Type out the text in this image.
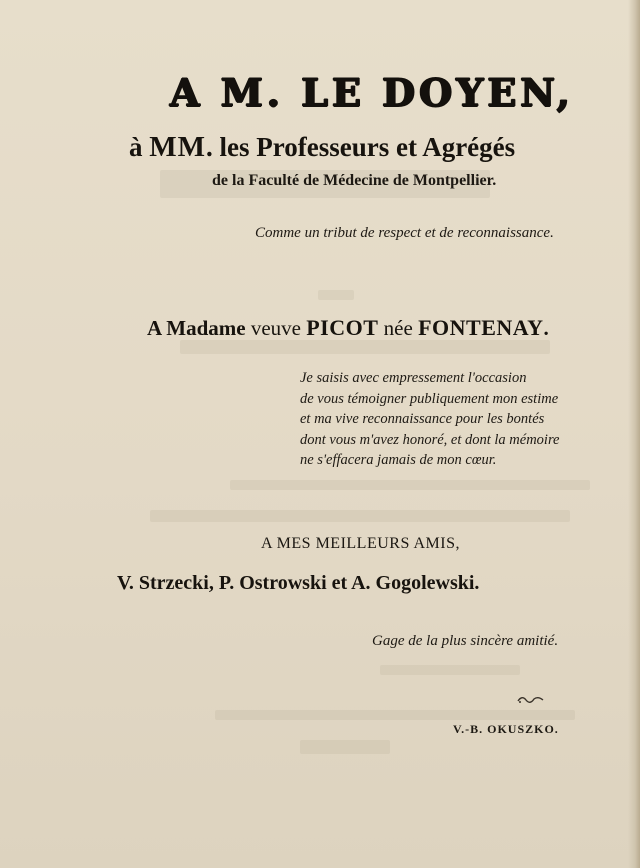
A M. LE DOYEN,
à MM. les Professeurs et Agrégés
de la Faculté de Médecine de Montpellier.
Comme un tribut de respect et de reconnaissance.
A Madame veuve PICOT née FONTENAY.
Je saisis avec empressement l'occasion
de vous témoigner publiquement mon estime
et ma vive reconnaissance pour les bontés
dont vous m'avez honoré, et dont la mémoire
ne s'effacera jamais de mon cœur.
A MES MEILLEURS AMIS,
V. Strzecki, P. Ostrowski et A. Gogolewski.
Gage de la plus sincère amitié.
V.-B. OKUSZKO.
